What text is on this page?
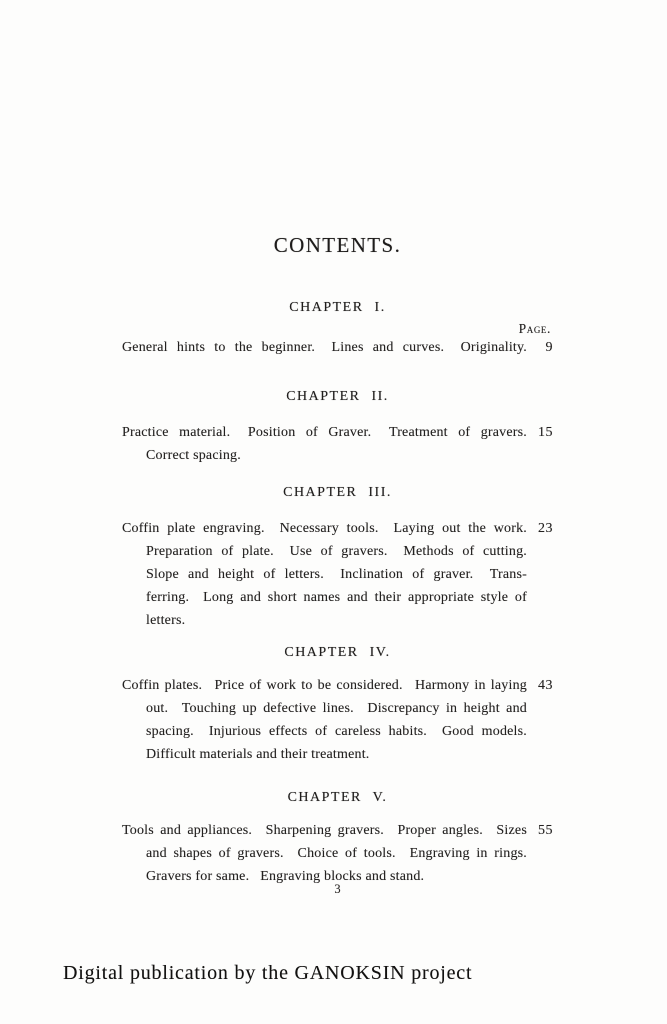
CONTENTS.
Page.
CHAPTER I.
General hints to the beginner.  Lines and curves.  Originality.	9
CHAPTER II.
Practice material.  Position of Graver.  Treatment of gravers.
Correct spacing.
15
CHAPTER III.
Coffin plate engraving.  Necessary tools.  Laying out the work.
Preparation of plate.  Use of gravers.  Methods of cutting.
Slope and height of letters.  Inclination of graver.  Trans-
ferring.  Long and short names and their appropriate style of
letters.
23
CHAPTER IV.
Coffin plates.  Price of work to be considered.  Harmony in laying
out.  Touching up defective lines.  Discrepancy in height and
spacing.  Injurious effects of careless habits.  Good models.
Difficult materials and their treatment.
43
CHAPTER V.
Tools and appliances.  Sharpening gravers.  Proper angles.  Sizes
and shapes of gravers.  Choice of tools.  Engraving in rings.
Gravers for same.  Engraving blocks and stand.
55
3
Digital publication by the GANOKSIN project
